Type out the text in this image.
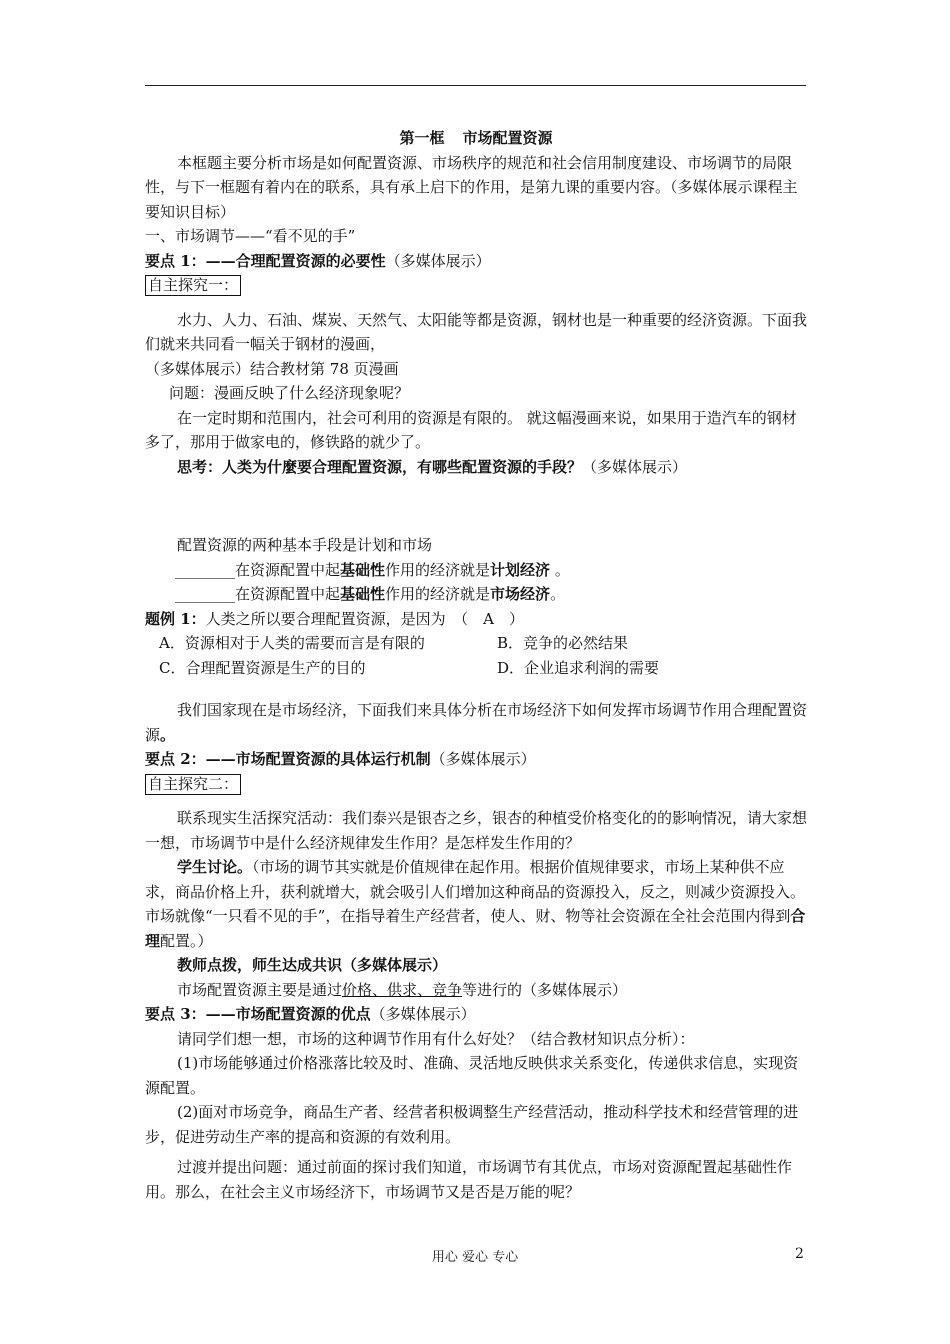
第一框 市场配置资源

本框题主要分析市场是如何配置资源、市场秩序的规范和社会信用制度建设、市场调节的局限性，与下一框题有着内在的联系，具有承上启下的作用，是第九课的重要内容。（多媒体展示课程主要知识目标）

一、市场调节——“看不见的手”

要点 1：——合理配置资源的必要性（多媒体展示）

自主探究一：

水力、人力、石油、煤炭、天然气、太阳能等都是资源，钢材也是一种重要的经济资源。下面我们就来共同看一幅关于钢材的漫画，

（多媒体展示）结合教材第 78 页漫画

问题：漫画反映了什么经济现象呢？

在一定时期和范围内，社会可利用的资源是有限的。 就这幅漫画来说，如果用于造汽车的钢材多了，那用于做家电的，修铁路的就少了。

思考：人类为什麼要合理配置资源，有哪些配置资源的手段？（多媒体展示）

配置资源的两种基本手段是计划和市场

________在资源配置中起基础性作用的经济就是计划经济 。

________在资源配置中起基础性作用的经济就是市场经济。

题例 1：人类之所以要合理配置资源，是因为　（　A　）

A．资源相对于人类的需要而言是有限的	B．竞争的必然结果
C．合理配置资源是生产的目的	D．企业追求利润的需要

我们国家现在是市场经济，下面我们来具体分析在市场经济下如何发挥市场调节作用合理配置资源。

要点 2：——市场配置资源的具体运行机制（多媒体展示）

自主探究二：

联系现实生活探究活动：我们泰兴是银杏之乡，银杏的种植受价格变化的的影响情况，请大家想一想，市场调节中是什么经济规律发生作用？是怎样发生作用的？

学生讨论。（市场的调节其实就是价值规律在起作用。根据价值规律要求，市场上某种供不应求，商品价格上升，获利就增大，就会吸引人们增加这种商品的资源投入，反之，则减少资源投入。市场就像“一只看不见的手”，在指导着生产经营者，使人、财、物等社会资源在全社会范围内得到合理配置。）

教师点拨，师生达成共识（多媒体展示）

市场配置资源主要是通过价格、供求、竞争等进行的（多媒体展示）

要点 3：——市场配置资源的优点（多媒体展示）

请同学们想一想，市场的这种调节作用有什么好处？（结合教材知识点分析）：

(1)市场能够通过价格涨落比较及时、准确、灵活地反映供求关系变化，传递供求信息，实现资源配置。

(2)面对市场竞争，商品生产者、经营者积极调整生产经营活动，推动科学技术和经营管理的进步，促进劳动生产率的提高和资源的有效利用。

过渡并提出问题：通过前面的探讨我们知道，市场调节有其优点，市场对资源配置起基础性作用。那么，在社会主义市场经济下，市场调节又是否是万能的呢？

用心 爱心 专心	2
